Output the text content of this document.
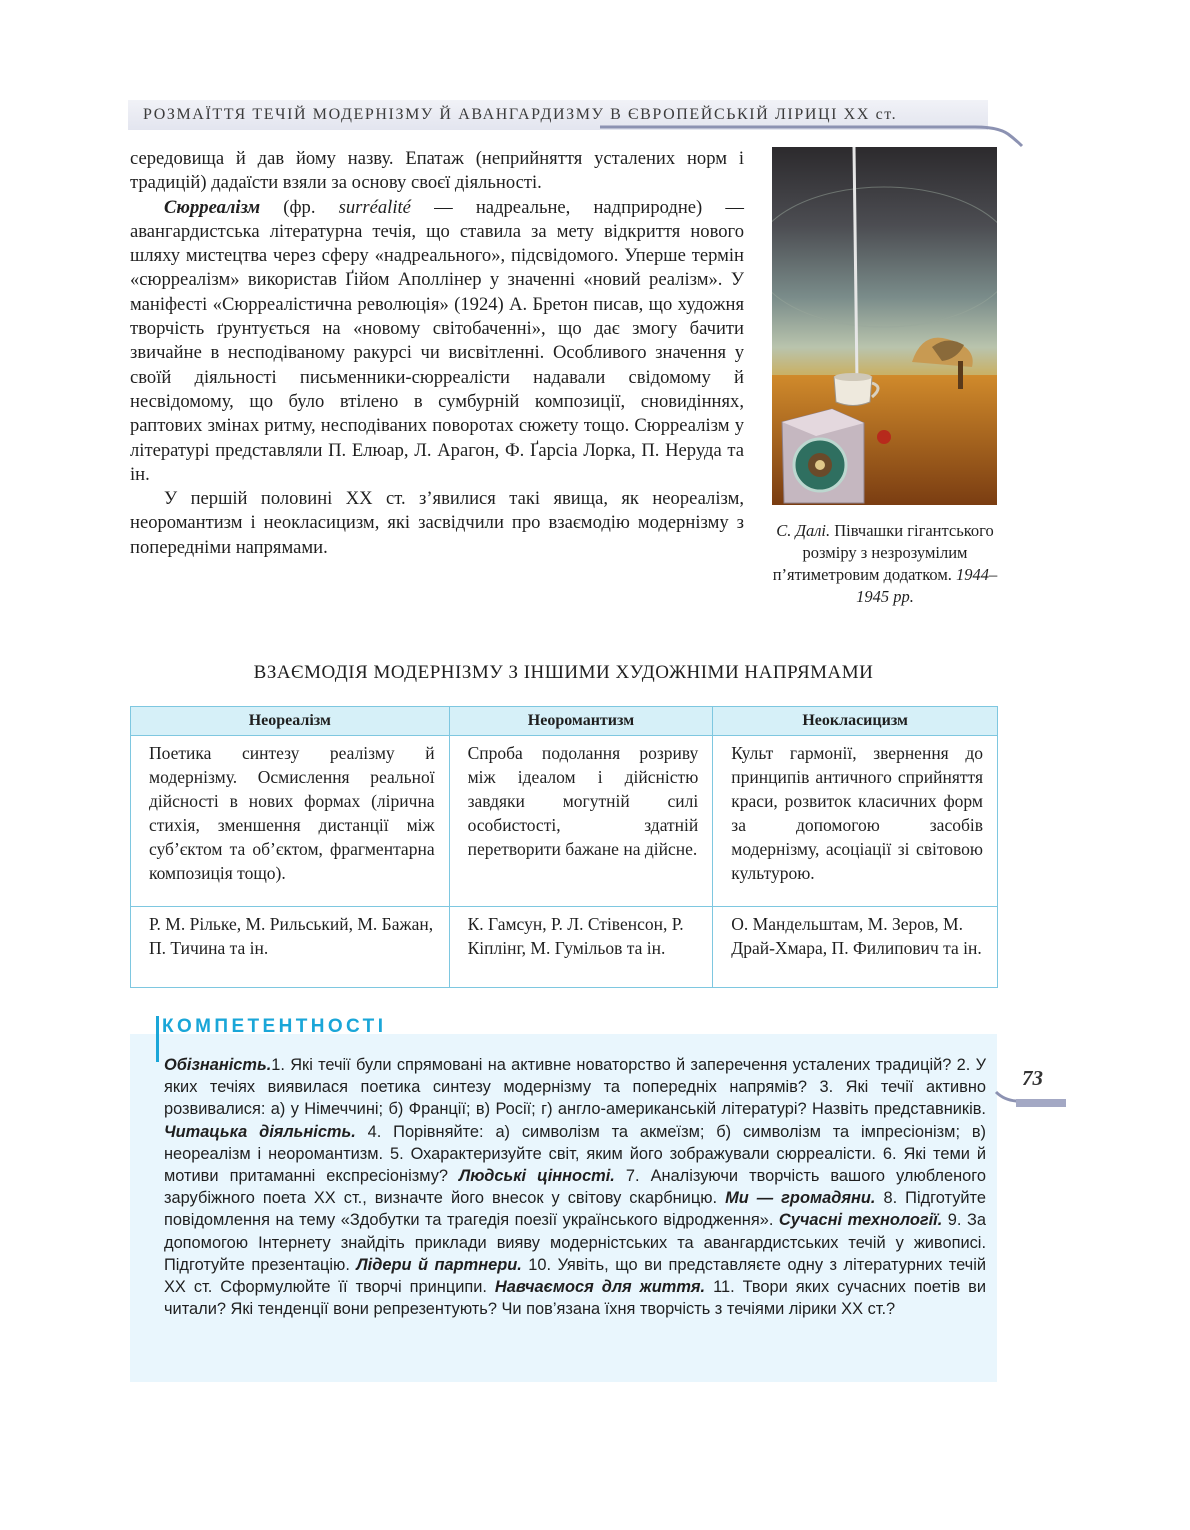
РОЗМАЇТТЯ ТЕЧІЙ МОДЕРНІЗМУ Й АВАНГАРДИЗМУ В ЄВРОПЕЙСЬКІЙ ЛІРИЦІ XX ст.

середовища й дав йому назву. Епатаж (неприйняття усталених норм і традицій) дадаїсти взяли за основу своєї діяльності.

Сюрреалізм (фр. surréalité — надреальне, надприродне) — авангардистська літературна течія, що ставила за мету відкриття нового шляху мистецтва через сферу «надреального», підсвідомого. Уперше термін «сюрреалізм» використав Ґійом Аполлінер у значенні «новий реалізм». У маніфесті «Сюрреалістична революція» (1924) А. Бретон писав, що художня творчість ґрунтується на «новому світобаченні», що дає змогу бачити звичайне в несподіваному ракурсі чи висвітленні. Особливого значення у своїй діяльності письменники-сюрреалісти надавали свідомому й несвідомому, що було втілено в сумбурній композиції, сновидіннях, раптових змінах ритму, несподіваних поворотах сюжету тощо. Сюрреалізм у літературі представляли П. Елюар, Л. Арагон, Ф. Ґарсіа Лорка, П. Неруда та ін.

У першій половині XX ст. з’явилися такі явища, як неореалізм, неоромантизм і неокласицизм, які засвідчили про взаємодію модернізму з попередніми напрямами.

С. Далі. Півчашки гігантського розміру з незрозумілим п’ятиметровим додатком. 1944–1945 рр.
ВЗАЄМОДІЯ МОДЕРНІЗМУ З ІНШИМИ ХУДОЖНІМИ НАПРЯМАМИ
Неореалізм	Неоромантизм	Неокласицизм
Поетика синтезу реалізму й модернізму. Осмислення реальної дійсності в нових формах (лірична стихія, зменшення дистанції між суб’єктом та об’єктом, фрагментарна композиція тощо).	Спроба подолання розриву між ідеалом і дійсністю завдяки могутній силі особистості, здатній перетворити бажане на дійсне.	Культ гармонії, звернення до принципів античного сприйняття краси, розвиток класичних форм за допомогою засобів модернізму, асоціації зі світовою культурою.
Р. М. Рільке, М. Рильський, М. Бажан, П. Тичина та ін.	К. Гамсун, Р. Л. Стівенсон, Р. Кіплінг, М. Гумільов та ін.	О. Мандельштам, М. Зеров, М. Драй-Хмара, П. Филипович та ін.
КОМПЕТЕНТНОСТІ
Обізнаність.1. Які течії були спрямовані на активне новаторство й заперечення усталених традицій? 2. У яких течіях виявилася поетика синтезу модернізму та попередніх напрямів? 3. Які течії активно розвивалися: а) у Німеччині; б) Франції; в) Росії; г) англо-американській літературі? Назвіть представників. Читацька діяльність. 4. Порівняйте: а) символізм та акмеїзм; б) символізм та імпресіонізм; в) неореалізм і неоромантизм. 5. Охарактеризуйте світ, яким його зображували сюрреалісти. 6. Які теми й мотиви притаманні експресіонізму? Людські цінності. 7. Аналізуючи творчість вашого улюбленого зарубіжного поета XX ст., визначте його внесок у світову скарбницю. Ми — громадяни. 8. Підготуйте повідомлення на тему «Здобутки та трагедія поезії українського відродження». Сучасні технології. 9. За допомогою Інтернету знайдіть приклади вияву модерністських та авангардистських течій у живописі. Підготуйте презентацію. Лідери й партнери. 10. Уявіть, що ви представляєте одну з літературних течій XX ст. Сформулюйте її творчі принципи. Навчаємося для життя. 11. Твори яких сучасних поетів ви читали? Які тенденції вони репрезентують? Чи пов’язана їхня творчість з течіями лірики XX ст.?
73
